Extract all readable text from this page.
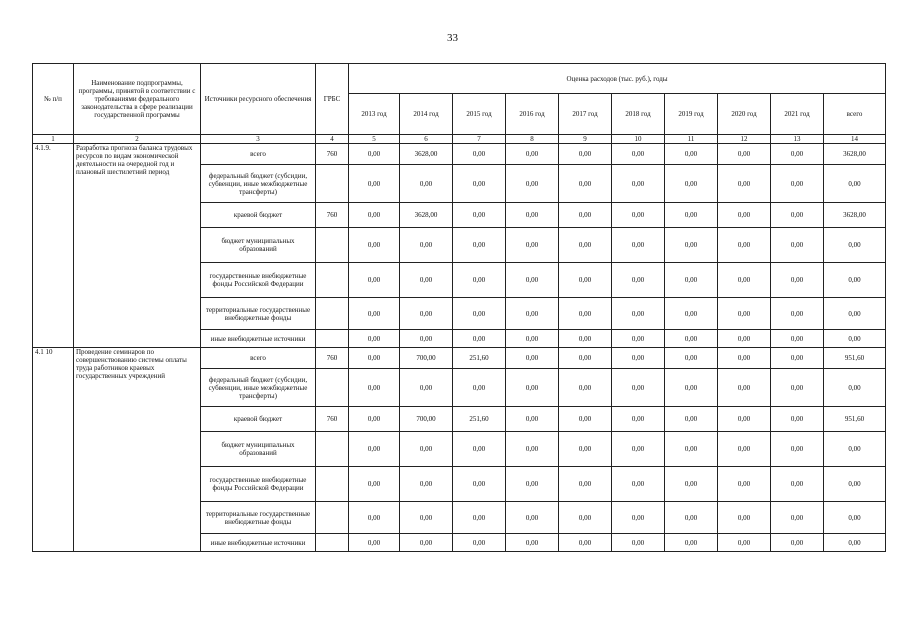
33
№ п/п	Наименование подпрограммы, программы, принятой в соответствии с требованиями федерального законодательства в сфере реализации государственной программы	Источники ресурсного обеспечения	ГРБС	Оценка расходов (тыс. руб.), годы									
				2013 год	2014 год	2015 год	2016 год	2017 год	2018 год	2019 год	2020 год	2021 год	всего
1	2	3	4	5	6	7	8	9	10	11	12	13	14
4.1.9.	Разработка прогноза баланса трудовых ресурсов по видам экономической деятельности на очередной год и плановый шестилетний период	всего	760	0,00	3628,00	0,00	0,00	0,00	0,00	0,00	0,00	0,00	3628,00
		федеральный бюджет (субсидии, субвенции, иные межбюджетные трансферты)		0,00	0,00	0,00	0,00	0,00	0,00	0,00	0,00	0,00	0,00
		краевой бюджет	760	0,00	3628,00	0,00	0,00	0,00	0,00	0,00	0,00	0,00	3628,00
		бюджет муниципальных образований		0,00	0,00	0,00	0,00	0,00	0,00	0,00	0,00	0,00	0,00
		государственные внебюджетные фонды Российской Федерации		0,00	0,00	0,00	0,00	0,00	0,00	0,00	0,00	0,00	0,00
		территориальные государственные внебюджетные фонды		0,00	0,00	0,00	0,00	0,00	0,00	0,00	0,00	0,00	0,00
		иные внебюджетные источники		0,00	0,00	0,00	0,00	0,00	0,00	0,00	0,00	0,00	0,00
4.1 10	Проведение семинаров по совершенствованию системы оплаты труда работников краевых государственных учреждений	всего	760	0,00	700,00	251,60	0,00	0,00	0,00	0,00	0,00	0,00	951,60
		федеральный бюджет (субсидии, субвенции, иные межбюджетные трансферты)		0,00	0,00	0,00	0,00	0,00	0,00	0,00	0,00	0,00	0,00
		краевой бюджет	760	0,00	700,00	251,60	0,00	0,00	0,00	0,00	0,00	0,00	951,60
		бюджет муниципальных образований		0,00	0,00	0,00	0,00	0,00	0,00	0,00	0,00	0,00	0,00
		государственные внебюджетные фонды Российской Федерации		0,00	0,00	0,00	0,00	0,00	0,00	0,00	0,00	0,00	0,00
		территориальные государственные внебюджетные фонды		0,00	0,00	0,00	0,00	0,00	0,00	0,00	0,00	0,00	0,00
		иные внебюджетные источники		0,00	0,00	0,00	0,00	0,00	0,00	0,00	0,00	0,00	0,00
